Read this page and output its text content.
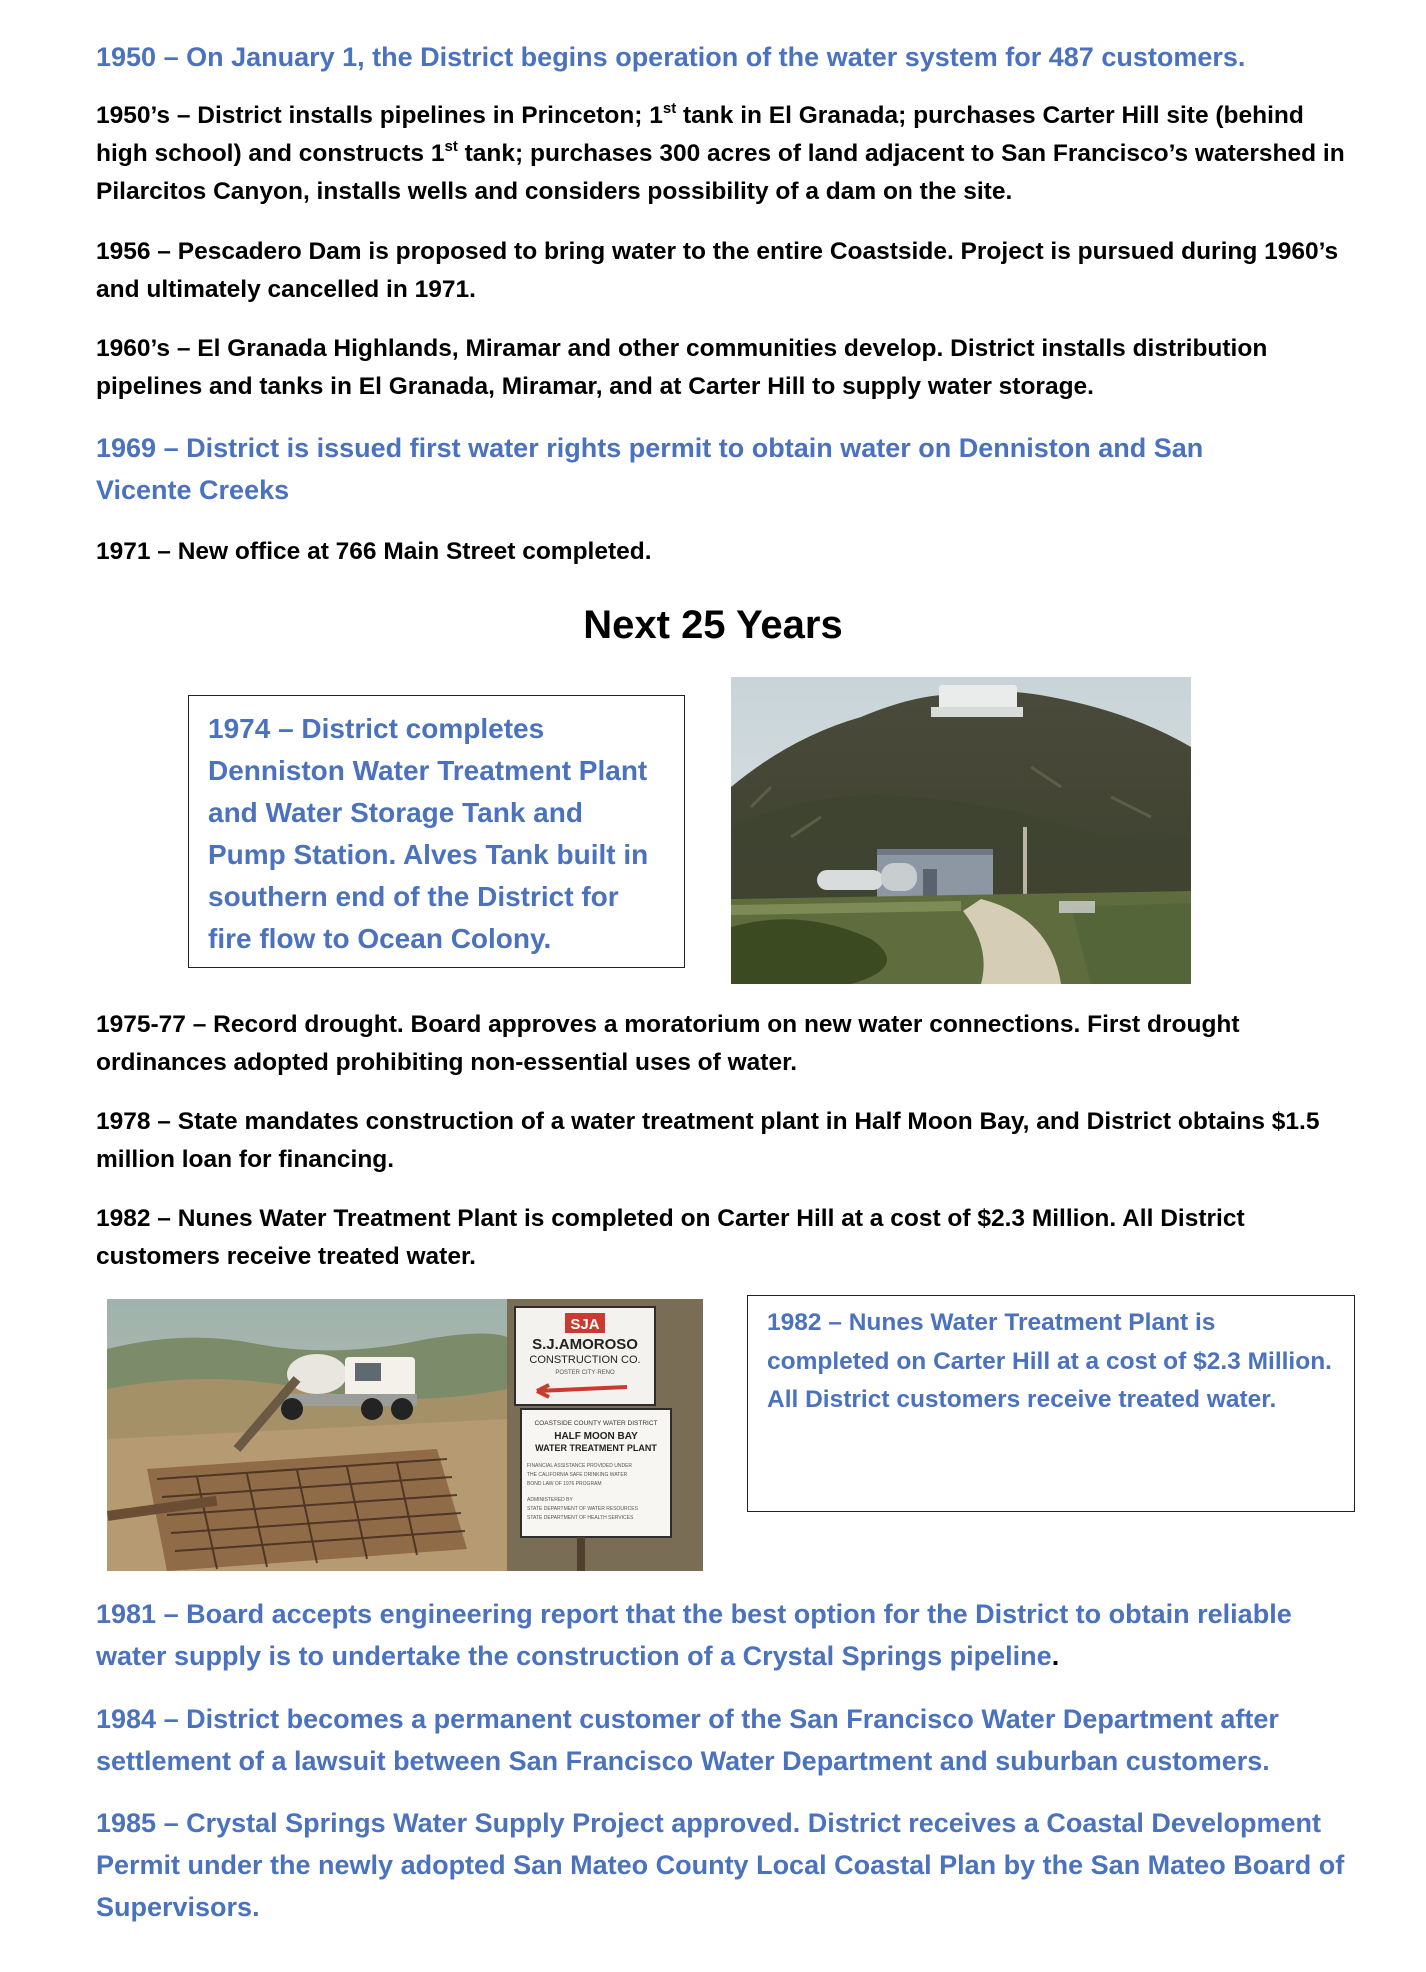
1950 – On January 1, the District begins operation of the water system for 487 customers.

1950’s – District installs pipelines in Princeton; 1st tank in El Granada; purchases Carter Hill site (behind high school) and constructs 1st tank; purchases 300 acres of land adjacent to San Francisco’s watershed in Pilarcitos Canyon, installs wells and considers possibility of a dam on the site.

1956 – Pescadero Dam is proposed to bring water to the entire Coastside. Project is pursued during 1960’s and ultimately cancelled in 1971.

1960’s – El Granada Highlands, Miramar and other communities develop. District installs distribution pipelines and tanks in El Granada, Miramar, and at Carter Hill to supply water storage.

1969 – District is issued first water rights permit to obtain water on Denniston and San Vicente Creeks

1971 – New office at 766 Main Street completed.

Next 25 Years
1974 – District completes Denniston Water Treatment Plant and Water Storage Tank and Pump Station. Alves Tank built in southern end of the District for fire flow to Ocean Colony.

1975-77 – Record drought. Board approves a moratorium on new water connections. First drought ordinances adopted prohibiting non-essential uses of water.

1978 – State mandates construction of a water treatment plant in Half Moon Bay, and District obtains $1.5 million loan for financing.

1982 – Nunes Water Treatment Plant is completed on Carter Hill at a cost of $2.3 Million. All District customers receive treated water.

SJA
S.J.AMOROSO
CONSTRUCTION CO.
POSTER CITY·RENO
COASTSIDE COUNTY WATER DISTRICT
HALF MOON BAY
WATER TREATMENT PLANT
FINANCIAL ASSISTANCE PROVIDED UNDER
THE CALIFORNIA SAFE DRINKING WATER
BOND LAW OF 1976 PROGRAM
ADMINISTERED BY
STATE DEPARTMENT OF WATER RESOURCES
STATE DEPARTMENT OF HEALTH SERVICES
1982 – Nunes Water Treatment Plant is completed on Carter Hill at a cost of $2.3 Million. All District customers receive treated water.

1981 – Board accepts engineering report that the best option for the District to obtain reliable water supply is to undertake the construction of a Crystal Springs pipeline.

1984 – District becomes a permanent customer of the San Francisco Water Department after settlement of a lawsuit between San Francisco Water Department and suburban customers.

1985 – Crystal Springs Water Supply Project approved. District receives a Coastal Development Permit under the newly adopted San Mateo County Local Coastal Plan by the San Mateo Board of Supervisors.
